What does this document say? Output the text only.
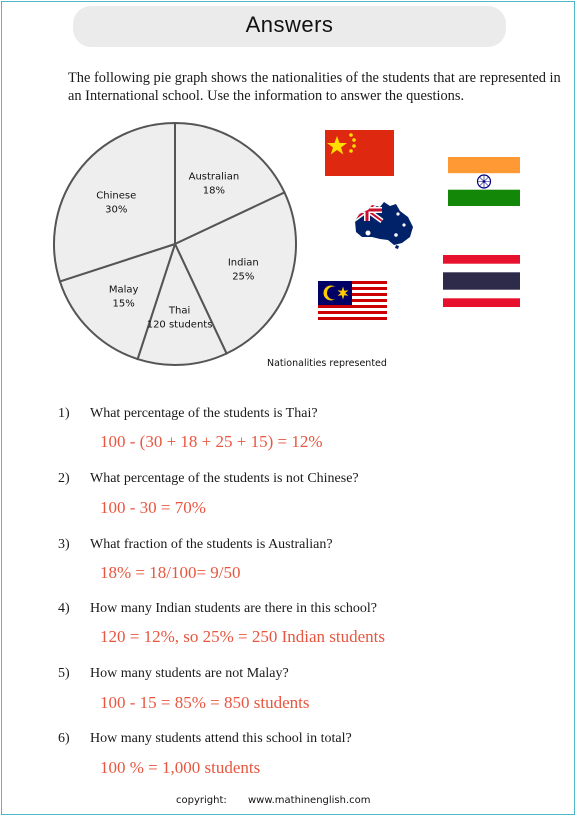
Answers
The following pie graph shows the nationalities of the students that are represented in an International school. Use the information to answer the questions.
Australian
18%
Indian
25%
Thai
120 students
Malay
15%
Chinese
30%
Nationalities represented
1) What percentage of the students is Thai?
100 - (30 + 18 + 25 + 15) = 12%
2) What percentage of the students is not Chinese?
100 - 30 = 70%
3) What fraction of the students is Australian?
18% = 18/100= 9/50
4) How many Indian students are there in this school?
120 = 12%, so 25% = 250 Indian students
5) How many students are not Malay?
100 - 15 = 85% = 850 students
6) How many students attend this school in total?
100 % = 1,000 students
copyright: www.mathinenglish.com
